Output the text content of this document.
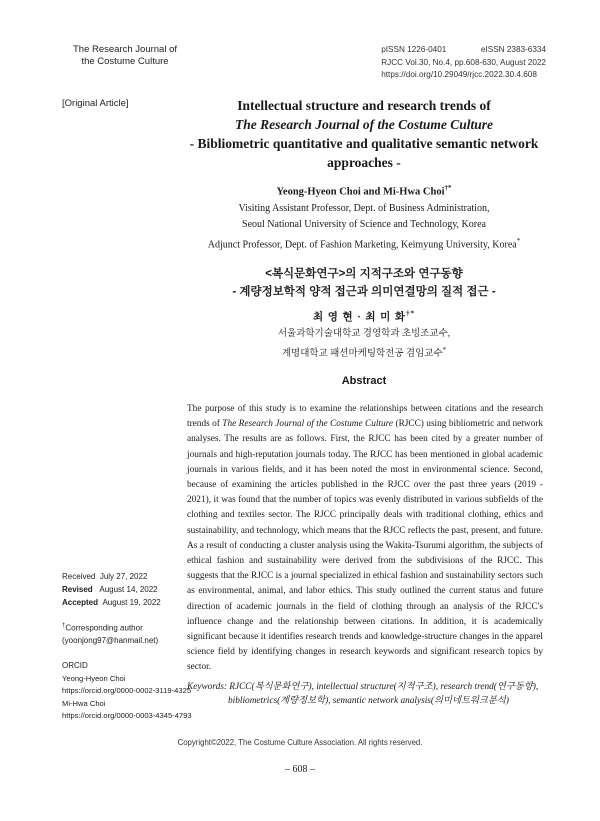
The Research Journal of
the Costume Culture
pISSN 1226-0401	eISSN 2383-6334
RJCC Vol.30, No.4, pp.608-630, August 2022
https://doi.org/10.29049/rjcc.2022.30.4.608
[Original Article]	Intellectual structure and research trends of
The Research Journal of the Costume Culture
- Bibliometric quantitative and qualitative semantic network
approaches -
Yeong-Hyeon Choi and Mi-Hwa Choi†*
Visiting Assistant Professor, Dept. of Business Administration,
Seoul National University of Science and Technology, Korea
Adjunct Professor, Dept. of Fashion Marketing, Keimyung University, Korea*
<복식문화연구>의 지적구조와 연구동향
- 계량정보학적 양적 접근과 의미연결망의 질적 접근 -
최 영 현 · 최 미 화†*
서울과학기술대학교 경영학과 초빙조교수,
계명대학교 패션마케팅학전공 겸임교수*
Abstract
The purpose of this study is to examine the relationships between citations and the research trends of The Research Journal of the Costume Culture (RJCC) using bibliometric and network analyses. The results are as follows. First, the RJCC has been cited by a greater number of journals and high-reputation journals today. The RJCC has been mentioned in global academic journals in various fields, and it has been noted the most in environmental science. Second, because of examining the articles published in the RJCC over the past three years (2019 - 2021), it was found that the number of topics was evenly distributed in various subfields of the clothing and textiles sector. The RJCC principally deals with traditional clothing, ethics and sustainability, and technology, which means that the RJCC reflects the past, present, and future. As a result of conducting a cluster analysis using the Wakita-Tsurumi algorithm, the subjects of ethical fashion and sustainability were derived from the subdivisions of the RJCC. This suggests that the RJCC is a journal specialized in ethical fashion and sustainability sectors such as environmental, animal, and labor ethics. This study outlined the current status and future direction of academic journals in the field of clothing through an analysis of the RJCC's influence change and the relationship between citations. In addition, it is academically significant because it identifies research trends and knowledge-structure changes in the apparel science field by identifying changes in research keywords and significant research topics by sector.
Received July 27, 2022
Revised August 14, 2022
Accepted August 19, 2022
†Corresponding author
(yoonjong97@hanmail.net)
ORCID
Yeong-Hyeon Choi
https://orcid.org/0000-0002-3119-4325
Mi-Hwa Choi
https://orcid.org/0000-0003-4345-4793
Keywords: RJCC(복식문화연구), intellectual structure(지적구조), research trend(연구동향), bibliometrics(계량정보학), semantic network analysis(의미네트워크분석)
Copyright©2022, The Costume Culture Association. All rights reserved.
– 608 –
